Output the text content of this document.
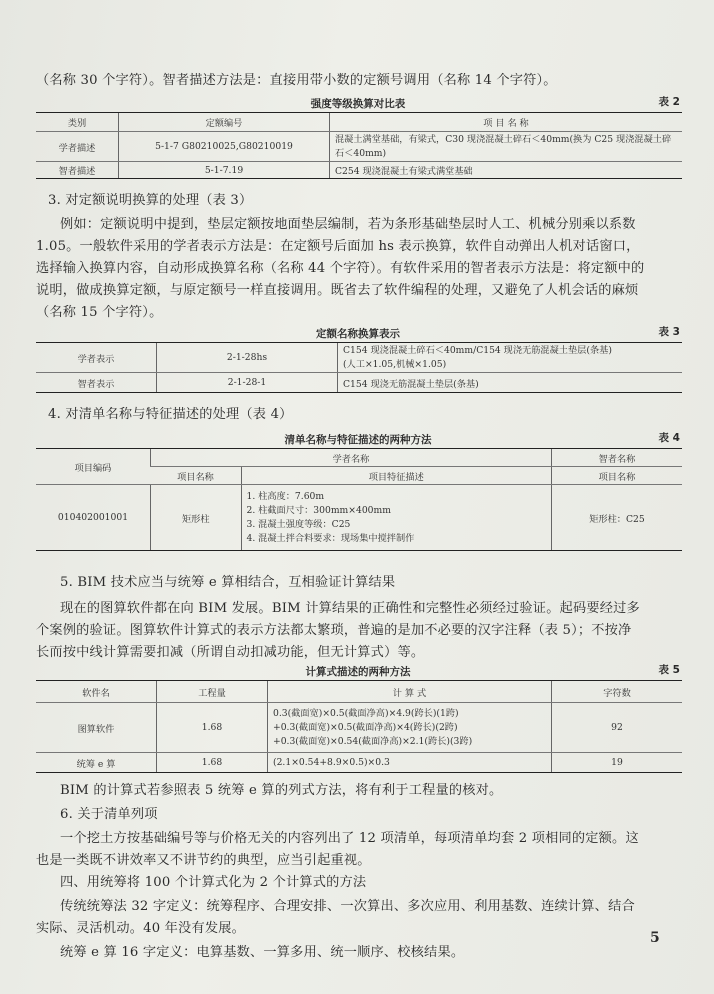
（名称 30 个字符）。智者描述方法是：直接用带小数的定额号调用（名称 14 个字符）。
强度等级换算对比表	表 2
类别	定额编号	项 目 名 称
学者描述	5-1-7 G80210025,G80210019	混凝土满堂基础，有梁式，C30 现浇混凝土碎石＜40mm(换为 C25 现浇混凝土碎石＜40mm)
智者描述	5-1-7.19	C254 现浇混凝土有梁式满堂基础
3. 对定额说明换算的处理（表 3）
例如：定额说明中提到，垫层定额按地面垫层编制，若为条形基础垫层时人工、机械分别乘以系数
1.05。一般软件采用的学者表示方法是：在定额号后面加 hs 表示换算，软件自动弹出人机对话窗口，
选择输入换算内容，自动形成换算名称（名称 44 个字符）。有软件采用的智者表示方法是：将定额中的
说明，做成换算定额，与原定额号一样直接调用。既省去了软件编程的处理，又避免了人机会话的麻烦
（名称 15 个字符）。
定额名称换算表示	表 3
学者表示	2-1-28hs	C154 现浇混凝土碎石＜40mm/C154 现浇无筋混凝土垫层(条基)
(人工×1.05,机械×1.05)

智者表示	2-1-28-1	C154 现浇无筋混凝土垫层(条基)
4. 对清单名称与特征描述的处理（表 4）
清单名称与特征描述的两种方法	表 4
项目编码	学者名称		智者名称
	项目名称	项目特征描述	项目名称
010402001001	矩形柱	1. 柱高度：7.60m
2. 柱截面尺寸：300mm×400mm
3. 混凝土强度等级：C25
4. 混凝土拌合料要求：现场集中搅拌制作	矩形柱：C25
5. BIM 技术应当与统筹 e 算相结合，互相验证计算结果
现在的图算软件都在向 BIM 发展。BIM 计算结果的正确性和完整性必须经过验证。起码要经过多
个案例的验证。图算软件计算式的表示方法都太繁琐，普遍的是加不必要的汉字注释（表 5）；不按净
长而按中线计算需要扣减（所谓自动扣减功能，但无计算式）等。
计算式描述的两种方法	表 5
软件名	工程量	计 算 式	字符数
图算软件	1.68	0.3(截面宽)×0.5(截面净高)×4.9(跨长)(1跨)
+0.3(截面宽)×0.5(截面净高)×4(跨长)(2跨)
+0.3(截面宽)×0.54(截面净高)×2.1(跨长)(3跨)	92
统筹 e 算	1.68	(2.1×0.54+8.9×0.5)×0.3	19
BIM 的计算式若参照表 5 统筹 e 算的列式方法，将有利于工程量的核对。
6. 关于清单列项
一个挖土方按基础编号等与价格无关的内容列出了 12 项清单，每项清单均套 2 项相同的定额。这
也是一类既不讲效率又不讲节约的典型，应当引起重视。
四、用统筹将 100 个计算式化为 2 个计算式的方法
传统统筹法 32 字定义：统筹程序、合理安排、一次算出、多次应用、利用基数、连续计算、结合
实际、灵活机动。40 年没有发展。
统筹 e 算 16 字定义：电算基数、一算多用、统一顺序、校核结果。
5
